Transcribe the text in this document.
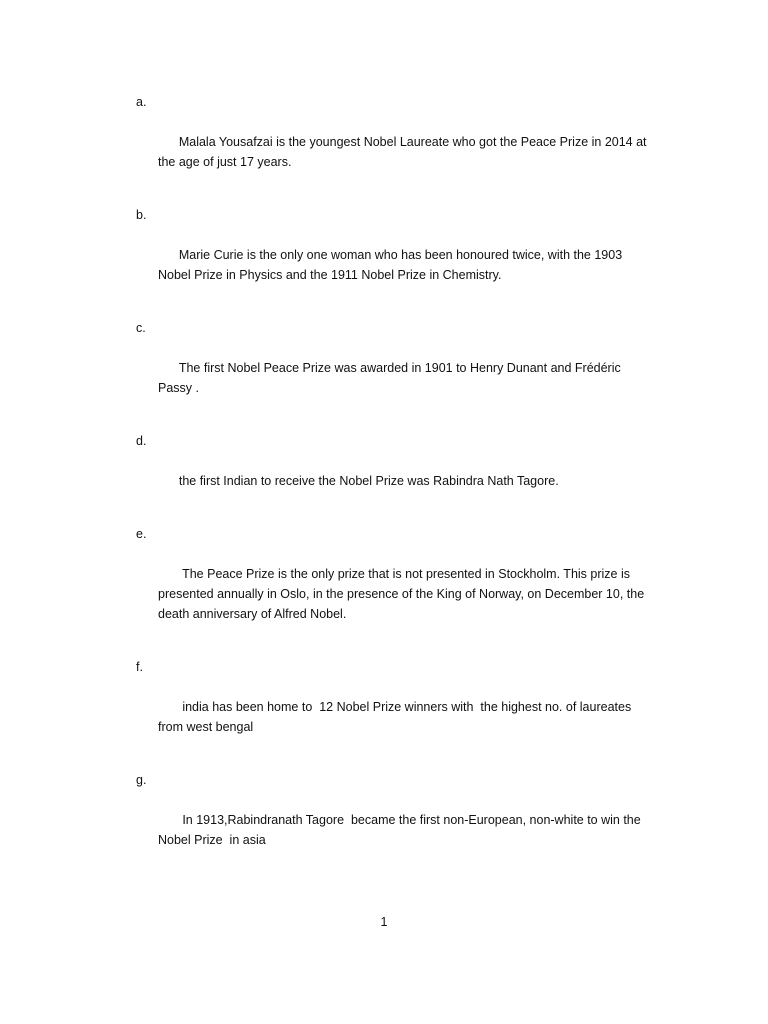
a.

Malala Yousafzai is the youngest Nobel Laureate who got the Peace Prize in 2014 at the age of just 17 years.

b.

Marie Curie is the only one woman who has been honoured twice, with the 1903 Nobel Prize in Physics and the 1911 Nobel Prize in Chemistry.

c.

The first Nobel Peace Prize was awarded in 1901 to Henry Dunant and Frédéric Passy .

d.

the first Indian to receive the Nobel Prize was Rabindra Nath Tagore.

e.

The Peace Prize is the only prize that is not presented in Stockholm. This prize is presented annually in Oslo, in the presence of the King of Norway, on December 10, the death anniversary of Alfred Nobel.

f.

india has been home to  12 Nobel Prize winners with  the highest no. of laureates from west bengal

g.

In 1913,Rabindranath Tagore  became the first non-European, non-white to win the Nobel Prize  in asia

1
